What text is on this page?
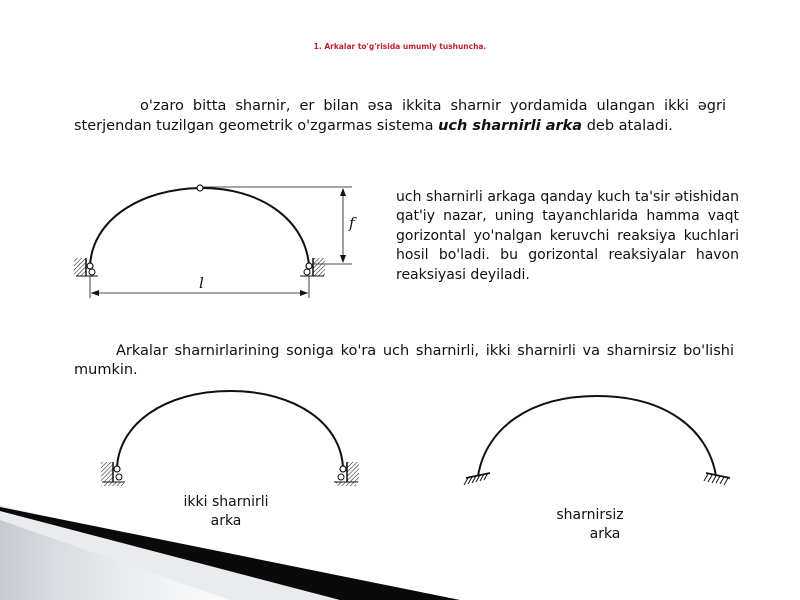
1. Arkalar to'g'risida umumiy tushuncha.
o'zaro bitta sharnir, er bilan əsa ikkita sharnir yordamida ulangan ikki əgri sterjendan tuzilgan geometrik o'zgarmas sistema uch sharnirli arka deb ataladi.
uch sharnirli arkaga qanday kuch ta'sir ətishidan qat'iy nazar, uning tayanchlarida hamma vaqt gorizontal yo'nalgan keruvchi reaksiya kuchlari hosil bo'ladi. bu gorizontal reaksiyalar havon reaksiyasi deyiladi.
Arkalar sharnirlarining soniga ko'ra uch sharnirli, ikki sharnirli va sharnirsiz bo'lishi mumkin.
f
l
ikki sharnirli
arka	sharnirsiz
arka
